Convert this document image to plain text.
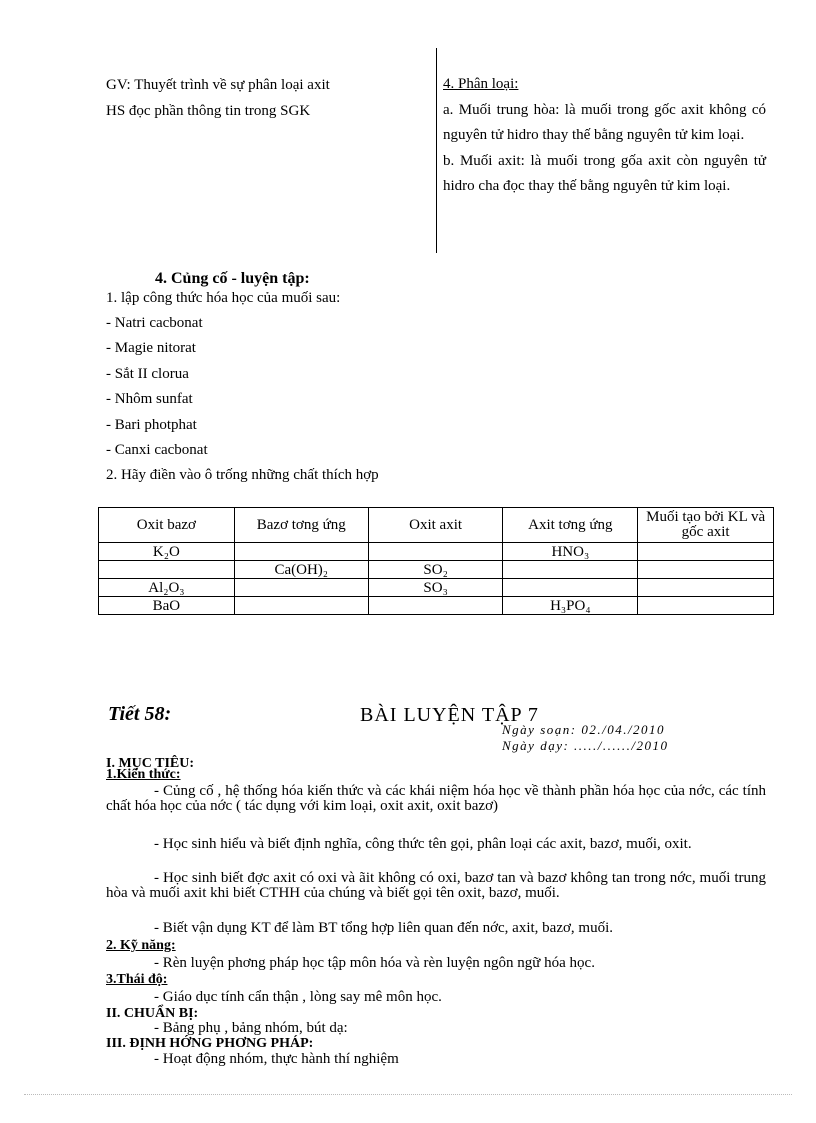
GV: Thuyết trình về sự phân loại axit
HS đọc phần thông tin trong SGK
4. Phân loại:
a. Muối trung hòa: là muối trong gốc axit không có nguyên tử hidro thay thế bằng nguyên tử kim loại.
b. Muối axit: là muối trong gốa axit còn nguyên tử hidro cha đọc thay thế bằng nguyên tử kim loại.
4. Củng cố - luyện tập:
1. lập công thức hóa học của muối sau:
- Natri cacbonat
- Magie nitorat
- Sắt II clorua
- Nhôm sunfat
- Bari photphat
- Canxi cacbonat
2. Hãy điền vào ô trống những chất thích hợp
Oxit bazơ	Bazơ tơng ứng	Oxit axit	Axit tơng ứng	Muối tạo bởi KL và gốc axit
K₂O			HNO₃	
	Ca(OH)₂	SO₂		
Al₂O₃		SO₃		
BaO			H₃PO₄	
Tiết 58:	BÀI LUYỆN TẬP 7
Ngày soạn: 02./04./2010
Ngày dạy: ...../....../2010
I. MỤC TIÊU:
1.Kiến thức:
- Củng cố , hệ thống hóa kiến thức và các khái niệm hóa học về thành phần hóa học của nớc, các tính chất hóa học của nớc ( tác dụng với kim loại, oxit axit, oxit bazơ)
- Học sinh hiểu và biết định nghĩa, công thức tên gọi, phân loại các axit, bazơ, muối, oxit.
- Học sinh biết đợc axit có oxi và ãit không có oxi, bazơ tan và bazơ không tan trong nớc, muối trung hòa và muối axit khi biết CTHH của chúng và biết gọi tên oxit, bazơ, muối.
- Biết vận dụng KT để làm BT tổng hợp liên quan đến nớc, axit, bazơ, muối.
2. Kỹ năng:
- Rèn luyện phơng pháp học tập môn hóa và rèn luyện ngôn ngữ hóa học.
3.Thái độ:
- Giáo dục tính cẩn thận , lòng say mê môn học.
II. CHUẨN BỊ:
- Bảng phụ , bảng nhóm, bút dạ:
III. ĐỊNH HỚNG PHƠNG PHÁP:
- Hoạt động nhóm, thực hành thí nghiệm
